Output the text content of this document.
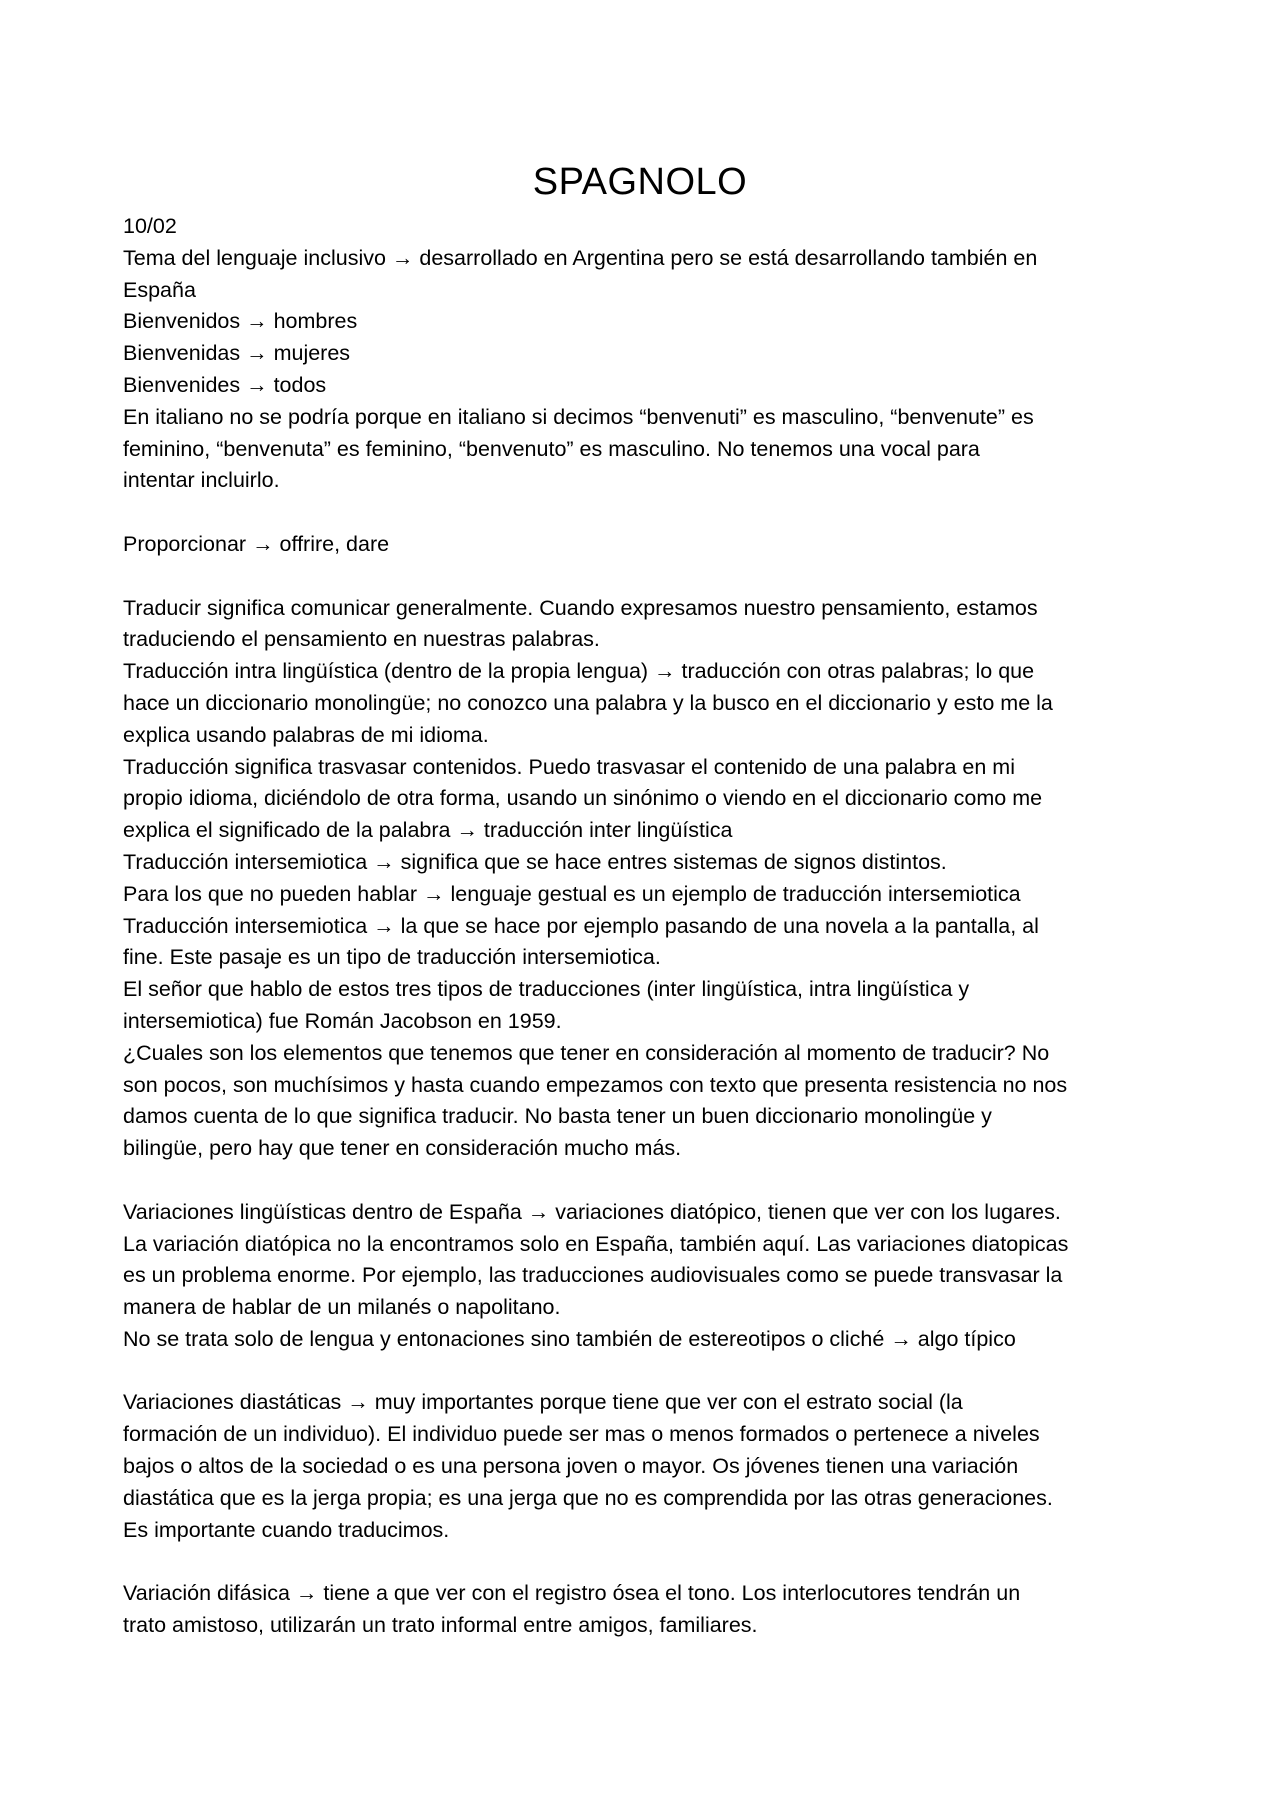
SPAGNOLO

10/02

Tema del lenguaje inclusivo → desarrollado en Argentina pero se está desarrollando también en

España

Bienvenidos → hombres

Bienvenidas → mujeres

Bienvenides → todos

En italiano no se podría porque en italiano si decimos “benvenuti” es masculino, “benvenute” es

feminino, “benvenuta” es feminino, “benvenuto” es masculino. No tenemos una vocal para

intentar incluirlo.

Proporcionar → offrire, dare

Traducir significa comunicar generalmente. Cuando expresamos nuestro pensamiento, estamos

traduciendo el pensamiento en nuestras palabras.

Traducción intra lingüística (dentro de la propia lengua) → traducción con otras palabras; lo que

hace un diccionario monolingüe; no conozco una palabra y la busco en el diccionario y esto me la

explica usando palabras de mi idioma.

Traducción significa trasvasar contenidos. Puedo trasvasar el contenido de una palabra en mi

propio idioma, diciéndolo de otra forma, usando un sinónimo o viendo en el diccionario como me

explica el significado de la palabra → traducción inter lingüística

Traducción intersemiotica → significa que se hace entres sistemas de signos distintos.

Para los que no pueden hablar → lenguaje gestual es un ejemplo de traducción intersemiotica

Traducción intersemiotica → la que se hace por ejemplo pasando de una novela a la pantalla, al

fine. Este pasaje es un tipo de traducción intersemiotica.

El señor que hablo de estos tres tipos de traducciones (inter lingüística, intra lingüística y

intersemiotica) fue Román Jacobson en 1959.

¿Cuales son los elementos que tenemos que tener en consideración al momento de traducir? No

son pocos, son muchísimos y hasta cuando empezamos con texto que presenta resistencia no nos

damos cuenta de lo que significa traducir. No basta tener un buen diccionario monolingüe y

bilingüe, pero hay que tener en consideración mucho más.

Variaciones lingüísticas dentro de España → variaciones diatópico, tienen que ver con los lugares.

La variación diatópica no la encontramos solo en España, también aquí. Las variaciones diatopicas

es un problema enorme. Por ejemplo, las traducciones audiovisuales como se puede transvasar la

manera de hablar de un milanés o napolitano.

No se trata solo de lengua y entonaciones sino también de estereotipos o cliché → algo típico

Variaciones diastáticas → muy importantes porque tiene que ver con el estrato social (la

formación de un individuo). El individuo puede ser mas o menos formados o pertenece a niveles

bajos o altos de la sociedad o es una persona joven o mayor. Os jóvenes tienen una variación

diastática que es la jerga propia; es una jerga que no es comprendida por las otras generaciones.

Es importante cuando traducimos.

Variación difásica → tiene a que ver con el registro ósea el tono. Los interlocutores tendrán un

trato amistoso, utilizarán un trato informal entre amigos, familiares.
